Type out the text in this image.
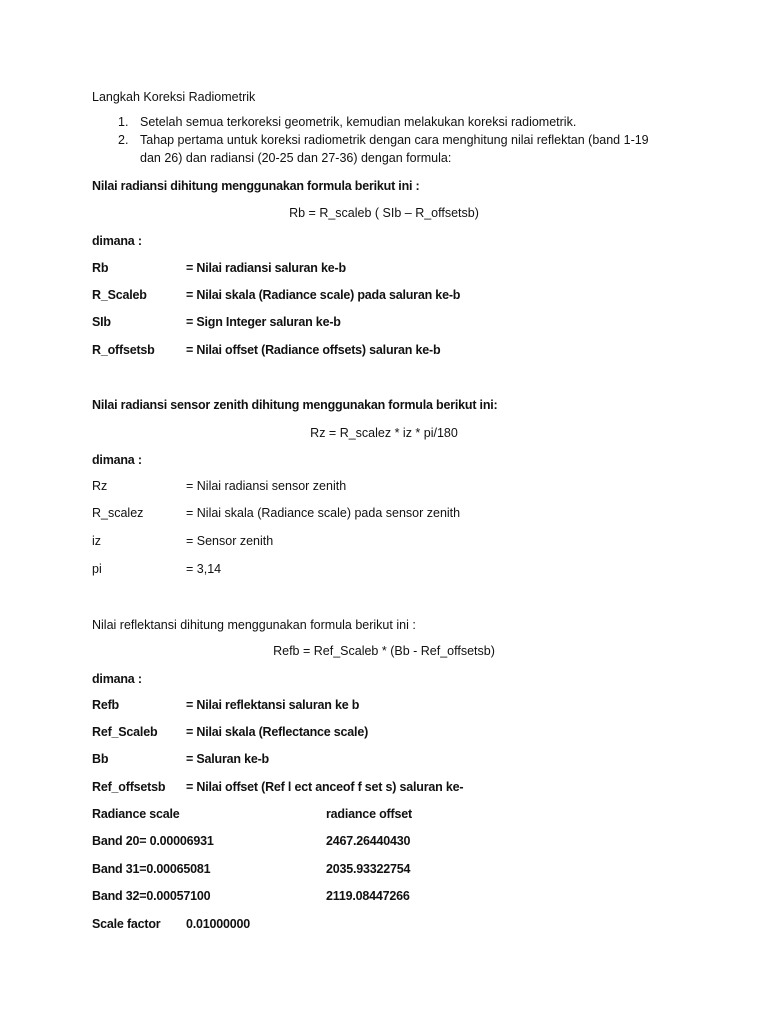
Langkah Koreksi Radiometrik
1. Setelah semua terkoreksi geometrik, kemudian melakukan koreksi radiometrik.
2. Tahap pertama untuk koreksi radiometrik dengan cara menghitung nilai reflektan (band 1-19
dan 26) dan radiansi (20-25 dan 27-36) dengan formula:
Nilai radiansi dihitung menggunakan formula berikut ini :
Rb = R_scaleb ( SIb – R_offsetsb)
dimana :
Rb	= Nilai radiansi saluran ke-b
R_Scaleb	= Nilai skala (Radiance scale) pada saluran ke-b
SIb	= Sign Integer saluran ke-b
R_offsetsb	= Nilai offset (Radiance offsets) saluran ke-b
Nilai radiansi sensor zenith dihitung menggunakan formula berikut ini:
Rz = R_scalez * iz * pi/180
dimana :
Rz	= Nilai radiansi sensor zenith
R_scalez	= Nilai skala (Radiance scale) pada sensor zenith
iz	= Sensor zenith
pi	= 3,14
Nilai reflektansi dihitung menggunakan formula berikut ini :
Refb = Ref_Scaleb * (Bb - Ref_offsetsb)
dimana :
Refb	= Nilai reflektansi saluran ke b
Ref_Scaleb = Nilai skala (Reflectance scale)
Bb	= Saluran ke-b
Ref_offsetsb = Nilai offset (Ref l ect anceof f set s) saluran ke-
Radiance scale	radiance offset
Band 20= 0.00006931	2467.26440430
Band 31=0.00065081	2035.93322754
Band 32=0.00057100	2119.08447266
Scale factor 0.01000000
